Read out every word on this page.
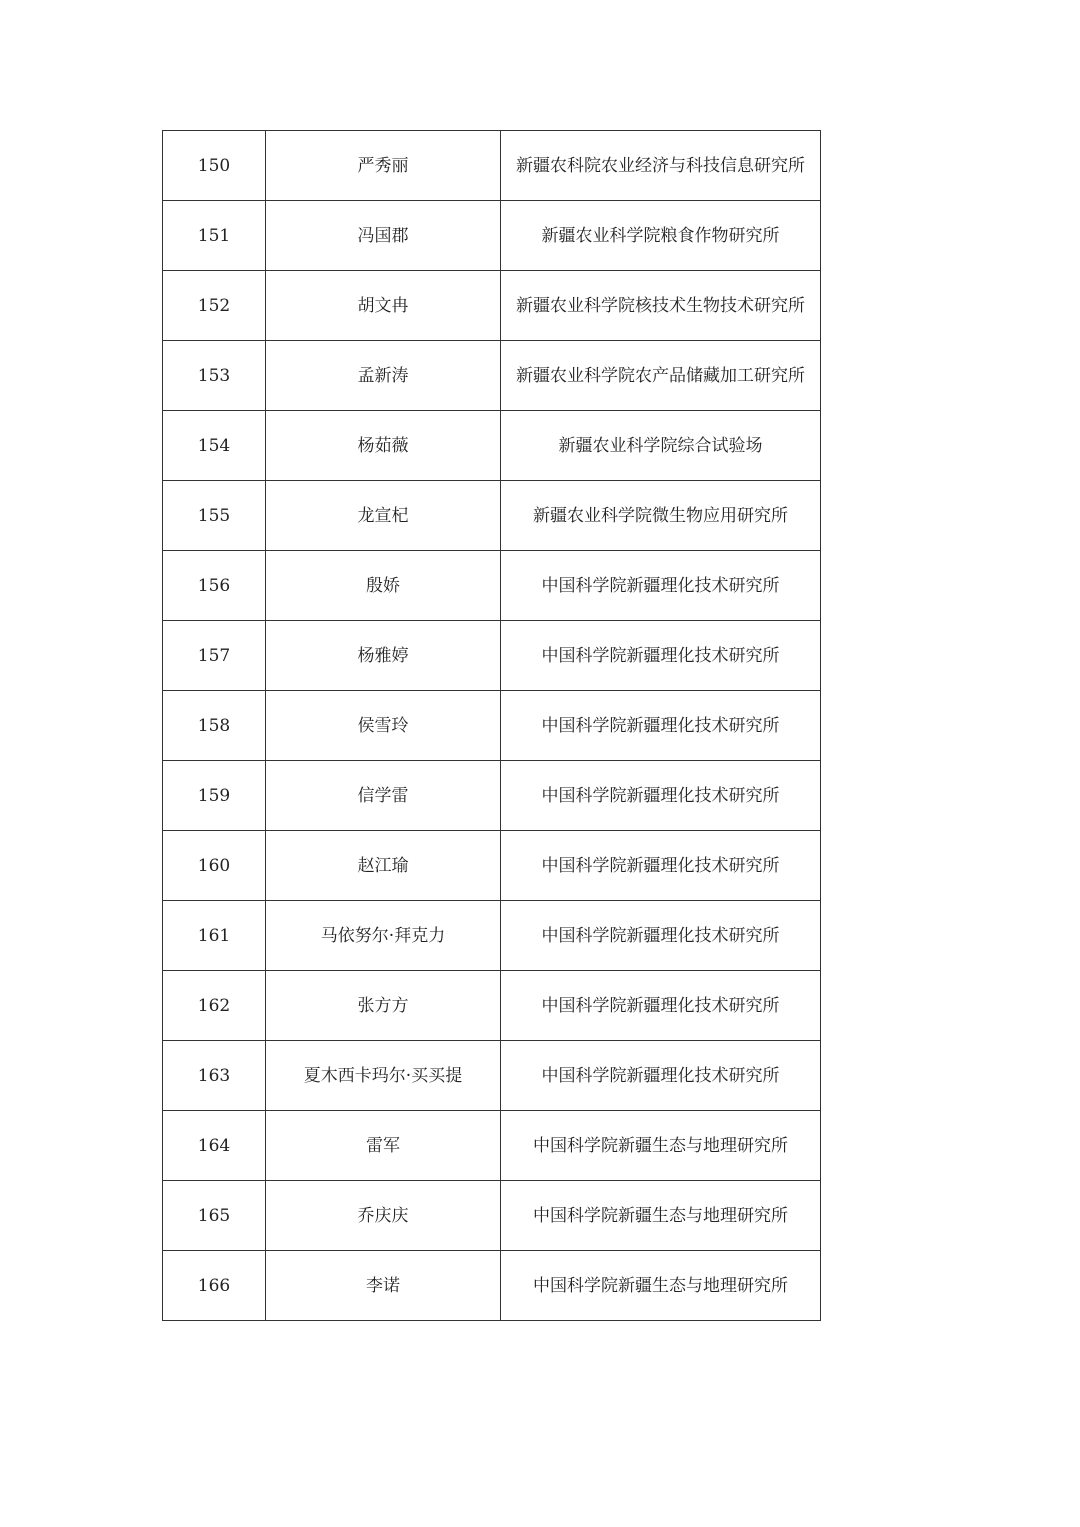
150	严秀丽	新疆农科院农业经济与科技信息研究所
151	冯国郡	新疆农业科学院粮食作物研究所
152	胡文冉	新疆农业科学院核技术生物技术研究所
153	孟新涛	新疆农业科学院农产品储藏加工研究所
154	杨茹薇	新疆农业科学院综合试验场
155	龙宣杞	新疆农业科学院微生物应用研究所
156	殷娇	中国科学院新疆理化技术研究所
157	杨雅婷	中国科学院新疆理化技术研究所
158	侯雪玲	中国科学院新疆理化技术研究所
159	信学雷	中国科学院新疆理化技术研究所
160	赵江瑜	中国科学院新疆理化技术研究所
161	马依努尔·拜克力	中国科学院新疆理化技术研究所
162	张方方	中国科学院新疆理化技术研究所
163	夏木西卡玛尔·买买提	中国科学院新疆理化技术研究所
164	雷军	中国科学院新疆生态与地理研究所
165	乔庆庆	中国科学院新疆生态与地理研究所
166	李诺	中国科学院新疆生态与地理研究所
